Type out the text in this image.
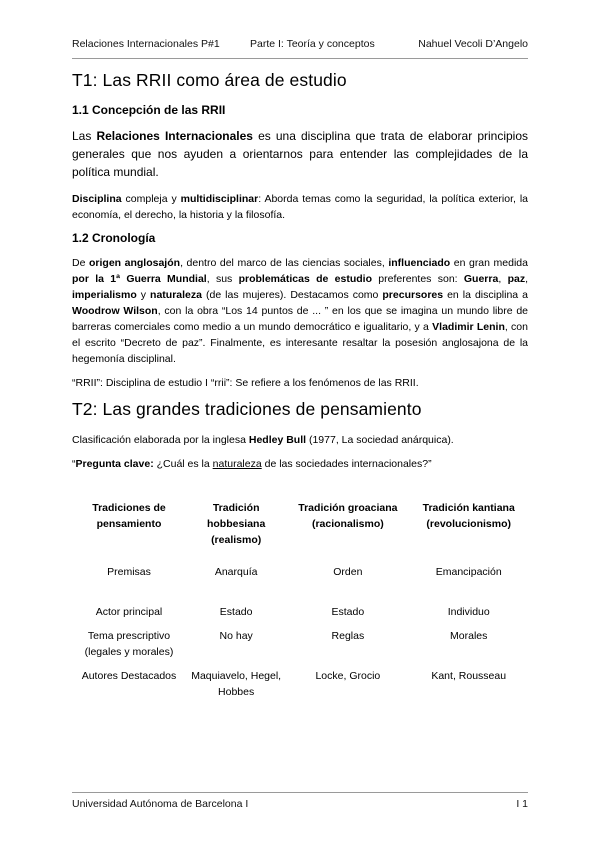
Relaciones Internacionales P#1	Parte I: Teoría y conceptos	Nahuel Vecoli D’Angelo
T1: Las RRII como área de estudio
1.1 Concepción de las RRII

Las Relaciones Internacionales es una disciplina que trata de elaborar principios generales que nos ayuden a orientarnos para entender las complejidades de la política mundial.

Disciplina compleja y multidisciplinar: Aborda temas como la seguridad, la política exterior, la economía, el derecho, la historia y la filosofía.

1.2 Cronología

De origen anglosajón, dentro del marco de las ciencias sociales, influenciado en gran medida por la 1ª Guerra Mundial, sus problemáticas de estudio preferentes son: Guerra, paz, imperialismo y naturaleza (de las mujeres). Destacamos como precursores en la disciplina a Woodrow Wilson, con la obra “Los 14 puntos de ... ” en los que se imagina un mundo libre de barreras comerciales como medio a un mundo democrático e igualitario, y a Vladimir Lenin, con el escrito “Decreto de paz”. Finalmente, es interesante resaltar la posesión anglosajona de la hegemonía disciplinal.

“RRII”: Disciplina de estudio I “rrii”: Se refiere a los fenómenos de las RRII.

T2: Las grandes tradiciones de pensamiento

Clasificación elaborada por la inglesa Hedley Bull (1977, La sociedad anárquica).

“Pregunta clave: ¿Cuál es la naturaleza de las sociedades internacionales?”

Tradiciones de pensamiento	Tradición hobbesiana (realismo)	Tradición groaciana (racionalismo)	Tradición kantiana (revolucionismo)
Premisas	Anarquía	Orden	Emancipación
Actor principal	Estado	Estado	Individuo
Tema prescriptivo (legales y morales)	No hay	Reglas	Morales
Autores Destacados	Maquiavelo, Hegel, Hobbes	Locke, Grocio	Kant, Rousseau
Universidad Autónoma de Barcelona I	I 1
